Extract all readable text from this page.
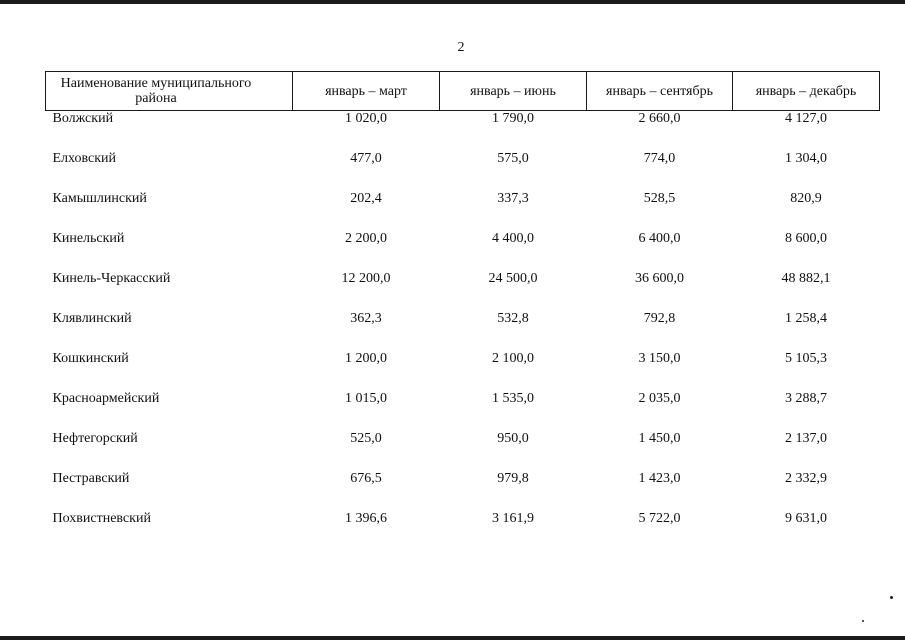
2
Наименование муниципального района	январь – март	январь – июнь	январь – сентябрь	январь – декабрь
Волжский	1 020,0	1 790,0	2 660,0	4 127,0
Елховский	477,0	575,0	774,0	1 304,0
Камышлинский	202,4	337,3	528,5	820,9
Кинельский	2 200,0	4 400,0	6 400,0	8 600,0
Кинель-Черкасский	12 200,0	24 500,0	36 600,0	48 882,1
Клявлинский	362,3	532,8	792,8	1 258,4
Кошкинский	1 200,0	2 100,0	3 150,0	5 105,3
Красноармейский	1 015,0	1 535,0	2 035,0	3 288,7
Нефтегорский	525,0	950,0	1 450,0	2 137,0
Пестравский	676,5	979,8	1 423,0	2 332,9
Похвистневский	1 396,6	3 161,9	5 722,0	9 631,0
